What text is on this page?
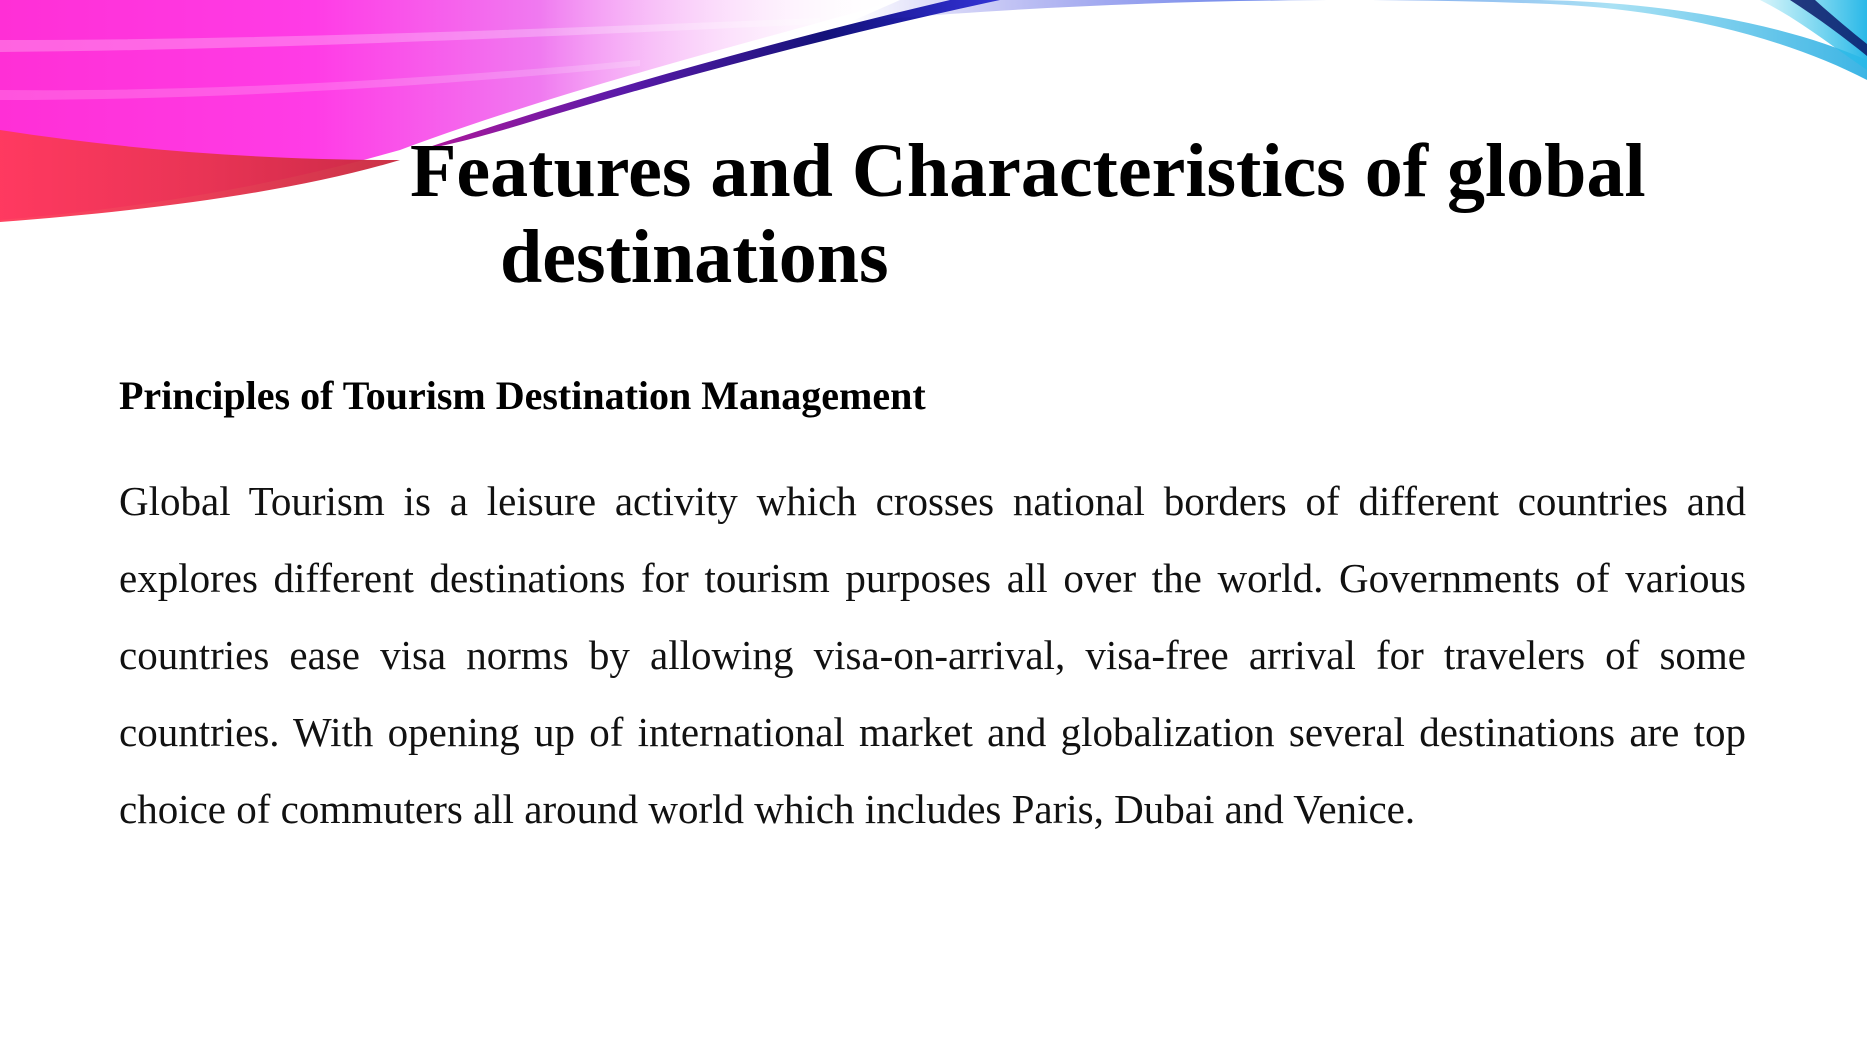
Features and Characteristics of global
destinations
Principles of Tourism Destination Management

Global Tourism is a leisure activity which crosses national borders of different countries and explores different destinations for tourism purposes all over the world. Governments of various countries ease visa norms by allowing visa-on-arrival, visa-free arrival for travelers of some countries. With opening up of international market and globalization several destinations are top choice of commuters all around world which includes Paris, Dubai and Venice.
